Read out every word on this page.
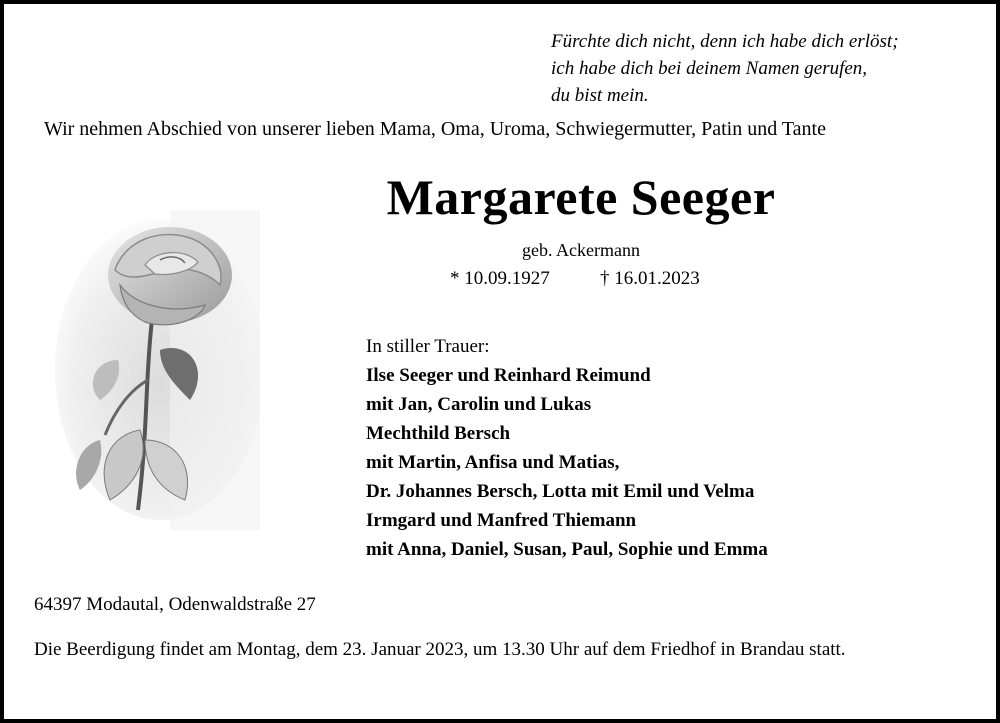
Fürchte dich nicht, denn ich habe dich erlöst;
ich habe dich bei deinem Namen gerufen,
du bist mein.
Wir nehmen Abschied von unserer lieben Mama, Oma, Uroma, Schwiegermutter, Patin und Tante
Margarete Seeger
geb. Ackermann
* 10.09.1927	† 16.01.2023
In stiller Trauer:
Ilse Seeger und Reinhard Reimund
mit Jan, Carolin und Lukas
Mechthild Bersch
mit Martin, Anfisa und Matias,
Dr. Johannes Bersch, Lotta mit Emil und Velma
Irmgard und Manfred Thiemann
mit Anna, Daniel, Susan, Paul, Sophie und Emma
64397 Modautal, Odenwaldstraße 27
Die Beerdigung findet am Montag, dem 23. Januar 2023, um 13.30 Uhr auf dem Friedhof in Brandau statt.
